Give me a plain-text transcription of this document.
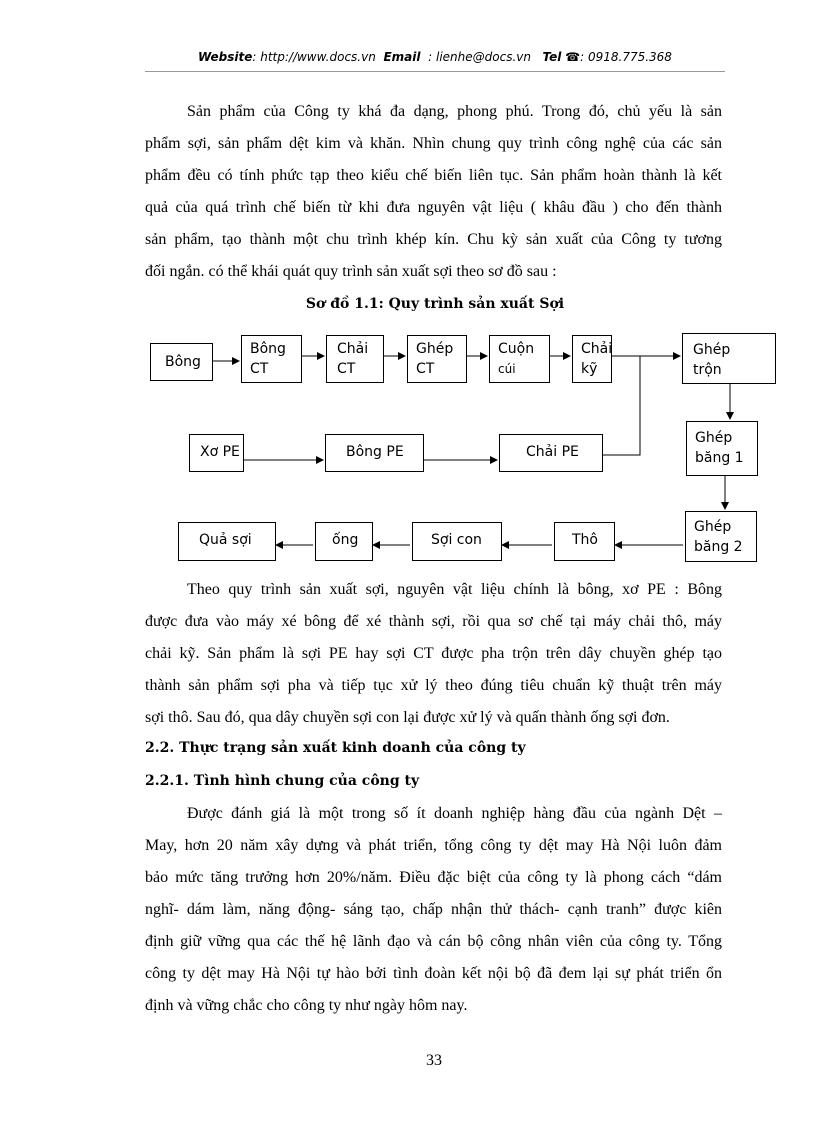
Website: http://www.docs.vn Email : lienhe@docs.vn Tel ☎: 0918.775.368
Sản phẩm của Công ty khá đa dạng, phong phú. Trong đó, chủ yếu là sản
phẩm sợi, sản phẩm dệt kim và khăn. Nhìn chung quy trình công nghệ của các sản
phẩm đều có tính phức tạp theo kiểu chế biến liên tục. Sản phẩm hoàn thành là kết
quả của quá trình chế biến từ khi đưa nguyên vật liệu ( khâu đầu ) cho đến thành
sản phẩm, tạo thành một chu trình khép kín. Chu kỳ sản xuất của Công ty tương
đối ngắn. có thể khái quát quy trình sản xuất sợi theo sơ đồ sau :
Sơ đồ 1.1: Quy trình sản xuất Sợi
Bông
Bông
CT
Chải
CT
Ghép
CT
Cuộn
cúi
Chải
kỹ
Ghép
trộn
Xơ PE	Bông PE	Chải PE
Ghép
băng 1
Ghép
băng 2
Thô
Sợi con
ống
Quả sợi
Theo quy trình sản xuất sợi, nguyên vật liệu chính là bông, xơ PE : Bông
được đưa vào máy xé bông để xé thành sợi, rồi qua sơ chế tại máy chải thô, máy
chải kỹ. Sản phẩm là sợi PE hay sợi CT được pha trộn trên dây chuyền ghép tạo
thành sản phẩm sợi pha và tiếp tục xử lý theo đúng tiêu chuẩn kỹ thuật trên máy
sợi thô. Sau đó, qua dây chuyền sợi con lại được xử lý và quấn thành ống sợi đơn.
2.2. Thực trạng sản xuất kinh doanh của công ty
2.2.1. Tình hình chung của công ty
Được đánh giá là một trong số ít doanh nghiệp hàng đầu của ngành Dệt –
May, hơn 20 năm xây dựng và phát triển, tổng công ty dệt may Hà Nội luôn đảm
bảo mức tăng trưởng hơn 20%/năm. Điều đặc biệt của công ty là phong cách “dám
nghĩ- dám làm, năng động- sáng tạo, chấp nhận thử thách- cạnh tranh” được kiên
định giữ vững qua các thế hệ lãnh đạo và cán bộ công nhân viên của công ty. Tổng
công ty dệt may Hà Nội tự hào bởi tình đoàn kết nội bộ đã đem lại sự phát triển ổn
định và vững chắc cho công ty như ngày hôm nay.
33
